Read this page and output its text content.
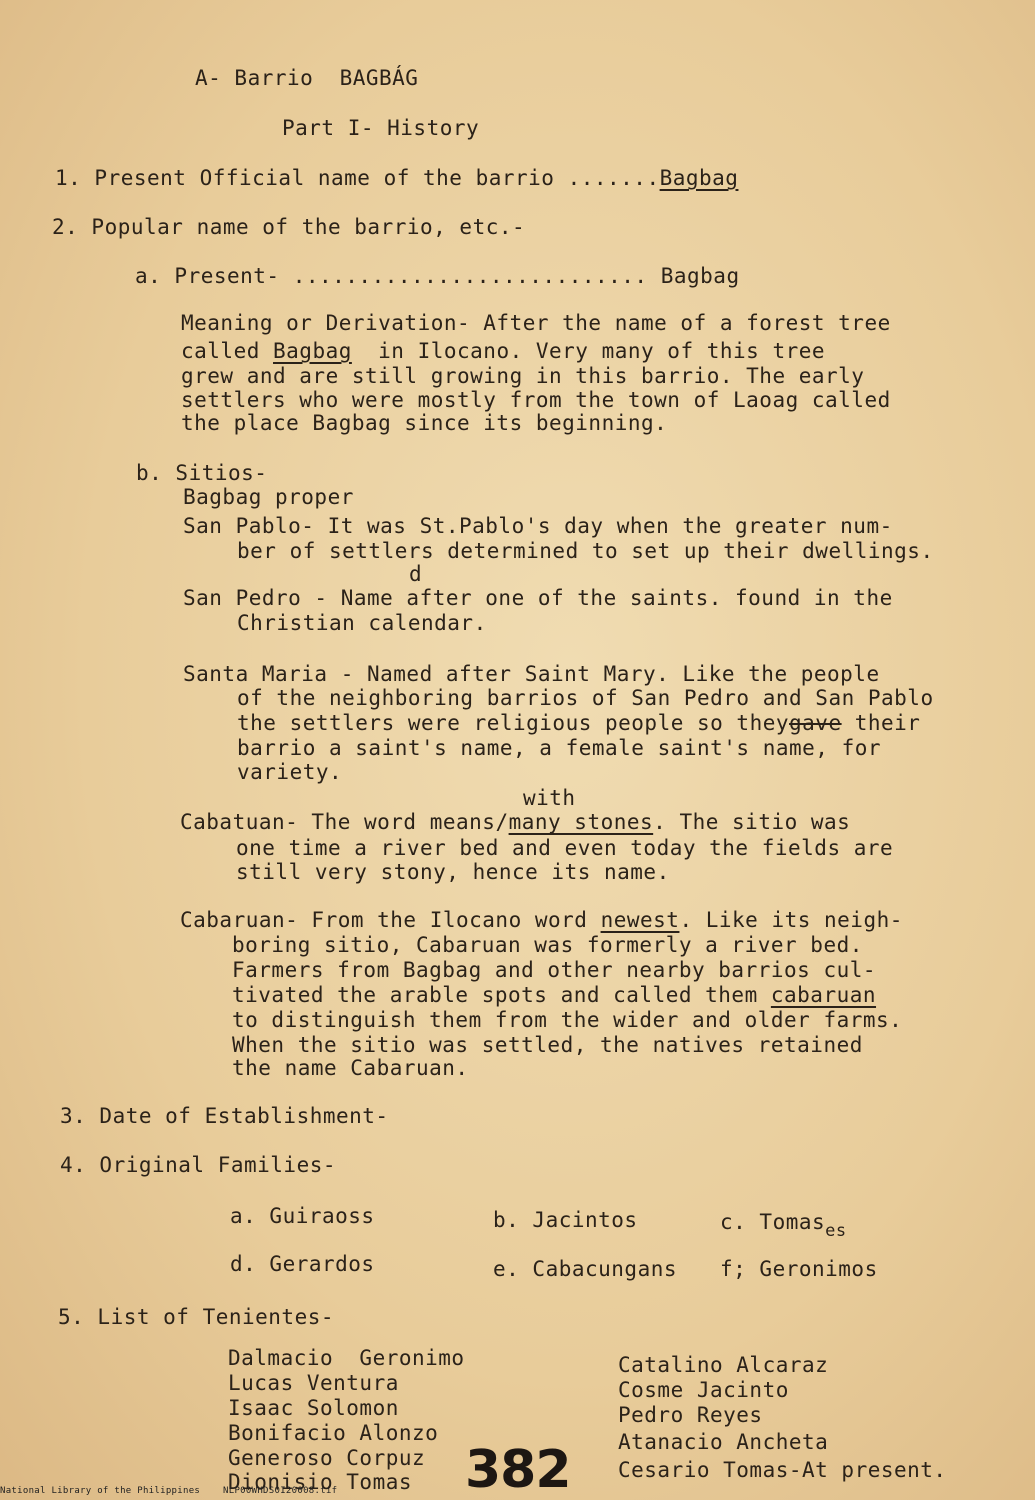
A- Barrio  BAGBÁG
Part I- History
1. Present Official name of the barrio .......Bagbag
2. Popular name of the barrio, etc.-
a. Present- ........................... Bagbag
Meaning or Derivation- After the name of a forest tree
called Bagbag  in Ilocano. Very many of this tree
grew and are still growing in this barrio. The early
settlers who were mostly from the town of Laoag called
the place Bagbag since its beginning.
b. Sitios-
Bagbag proper
San Pablo- It was St.Pablo's day when the greater num-
ber of settlers determined to set up their dwellings.
d
San Pedro - Name after one of the saints. found in the
Christian calendar.
Santa Maria - Named after Saint Mary. Like the people
of the neighboring barrios of San Pedro and San Pablo
the settlers were religious people so theygave their
barrio a saint's name, a female saint's name, for
variety.
with
Cabatuan- The word means/many stones. The sitio was
one time a river bed and even today the fields are
still very stony, hence its name.
Cabaruan- From the Ilocano word newest. Like its neigh-
boring sitio, Cabaruan was formerly a river bed.
Farmers from Bagbag and other nearby barrios cul-
tivated the arable spots and called them cabaruan
to distinguish them from the wider and older farms.
When the sitio was settled, the natives retained
the name Cabaruan.
3. Date of Establishment-
4. Original Families-
a. Guiraoss	b. Jacintos	c. Tomas$_{es}$
d. Gerardos	e. Cabacungans f; Geronimos
5. List of Tenientes-
Dalmacio  Geronimo
Lucas Ventura
Isaac Solomon
Bonifacio Alonzo
Generoso Corpuz
Dionisio Tomas
Catalino Alcaraz
Cosme Jacinto
Pedro Reyes
Atanacio Ancheta
Cesario Tomas-At present.
382
National Library of the Philippines    NLP00WHDS0I20008.tif
